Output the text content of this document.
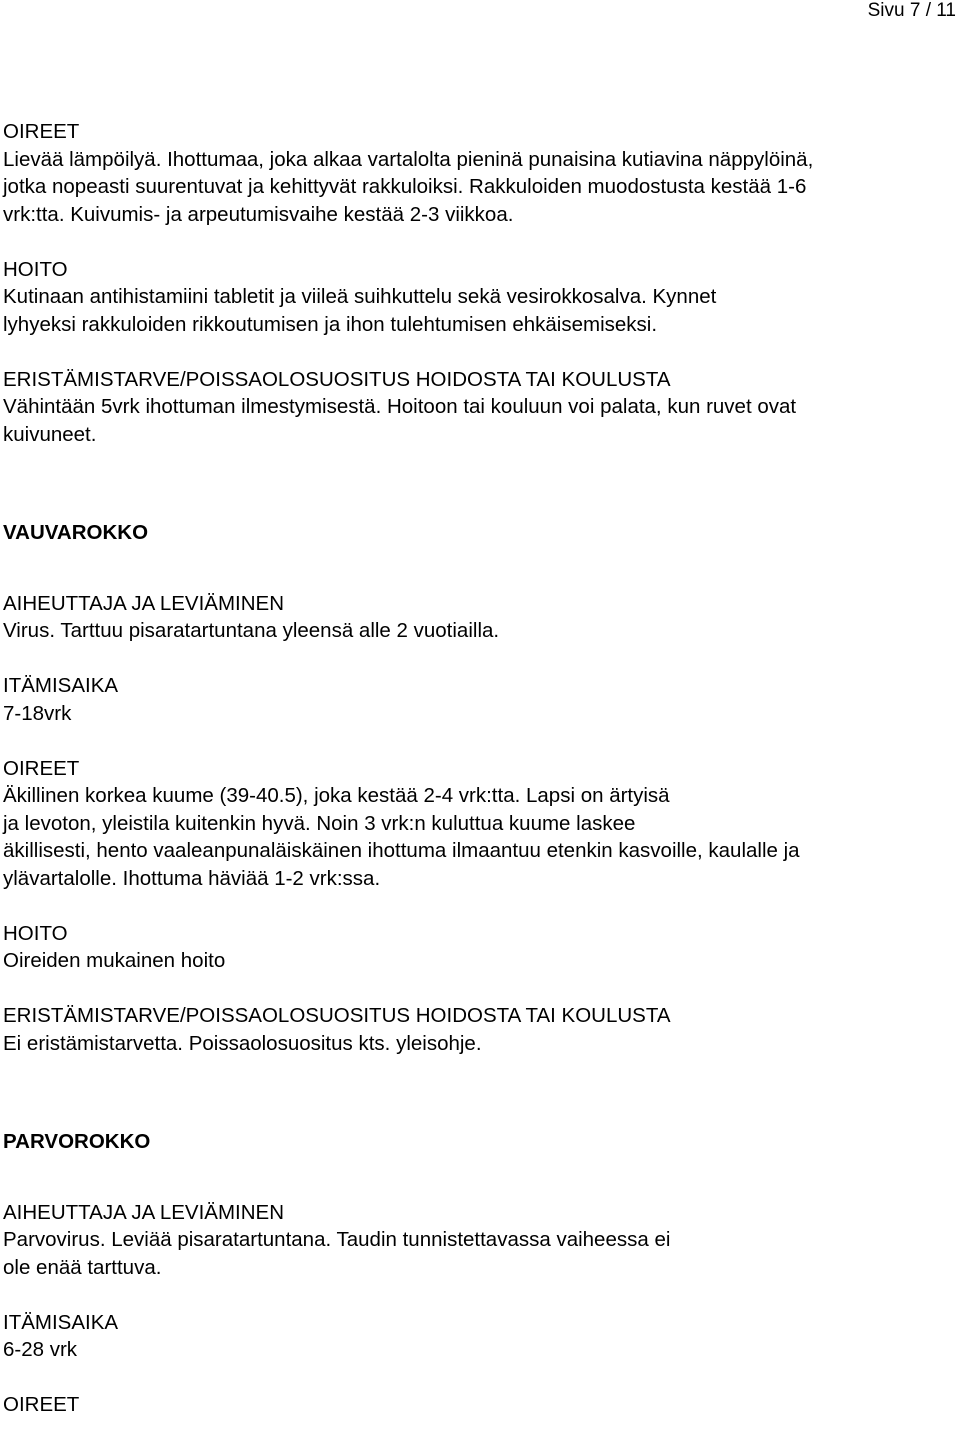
Sivu 7 / 11
OIREET
Lievää lämpöilyä. Ihottumaa, joka alkaa vartalolta pieninä punaisina kutiavina näppylöinä,
jotka nopeasti suurentuvat ja kehittyvät rakkuloiksi. Rakkuloiden muodostusta kestää 1-6
vrk:tta. Kuivumis- ja arpeutumisvaihe kestää 2-3 viikkoa.
HOITO
Kutinaan antihistamiini tabletit ja viileä suihkuttelu sekä vesirokkosalva. Kynnet
lyhyeksi rakkuloiden rikkoutumisen ja ihon tulehtumisen ehkäisemiseksi.
ERISTÄMISTARVE/POISSAOLOSUOSITUS HOIDOSTA TAI KOULUSTA
Vähintään 5vrk ihottuman ilmestymisestä. Hoitoon tai kouluun voi palata, kun ruvet ovat
kuivuneet.
VAUVAROKKO
AIHEUTTAJA JA LEVIÄMINEN
Virus. Tarttuu pisaratartuntana yleensä alle 2 vuotiailla.
ITÄMISAIKA
7-18vrk
OIREET
Äkillinen korkea kuume (39-40.5), joka kestää 2-4 vrk:tta. Lapsi on ärtyisä
ja levoton, yleistila kuitenkin hyvä. Noin 3 vrk:n kuluttua kuume laskee
äkillisesti, hento vaaleanpunaläiskäinen ihottuma ilmaantuu etenkin kasvoille, kaulalle ja
ylävartalolle. Ihottuma häviää 1-2 vrk:ssa.
HOITO
Oireiden mukainen hoito
ERISTÄMISTARVE/POISSAOLOSUOSITUS HOIDOSTA TAI KOULUSTA
Ei eristämistarvetta. Poissaolosuositus kts. yleisohje.
PARVOROKKO
AIHEUTTAJA JA LEVIÄMINEN
Parvovirus. Leviää pisaratartuntana. Taudin tunnistettavassa vaiheessa ei
ole enää tarttuva.
ITÄMISAIKA
6-28 vrk
OIREET
